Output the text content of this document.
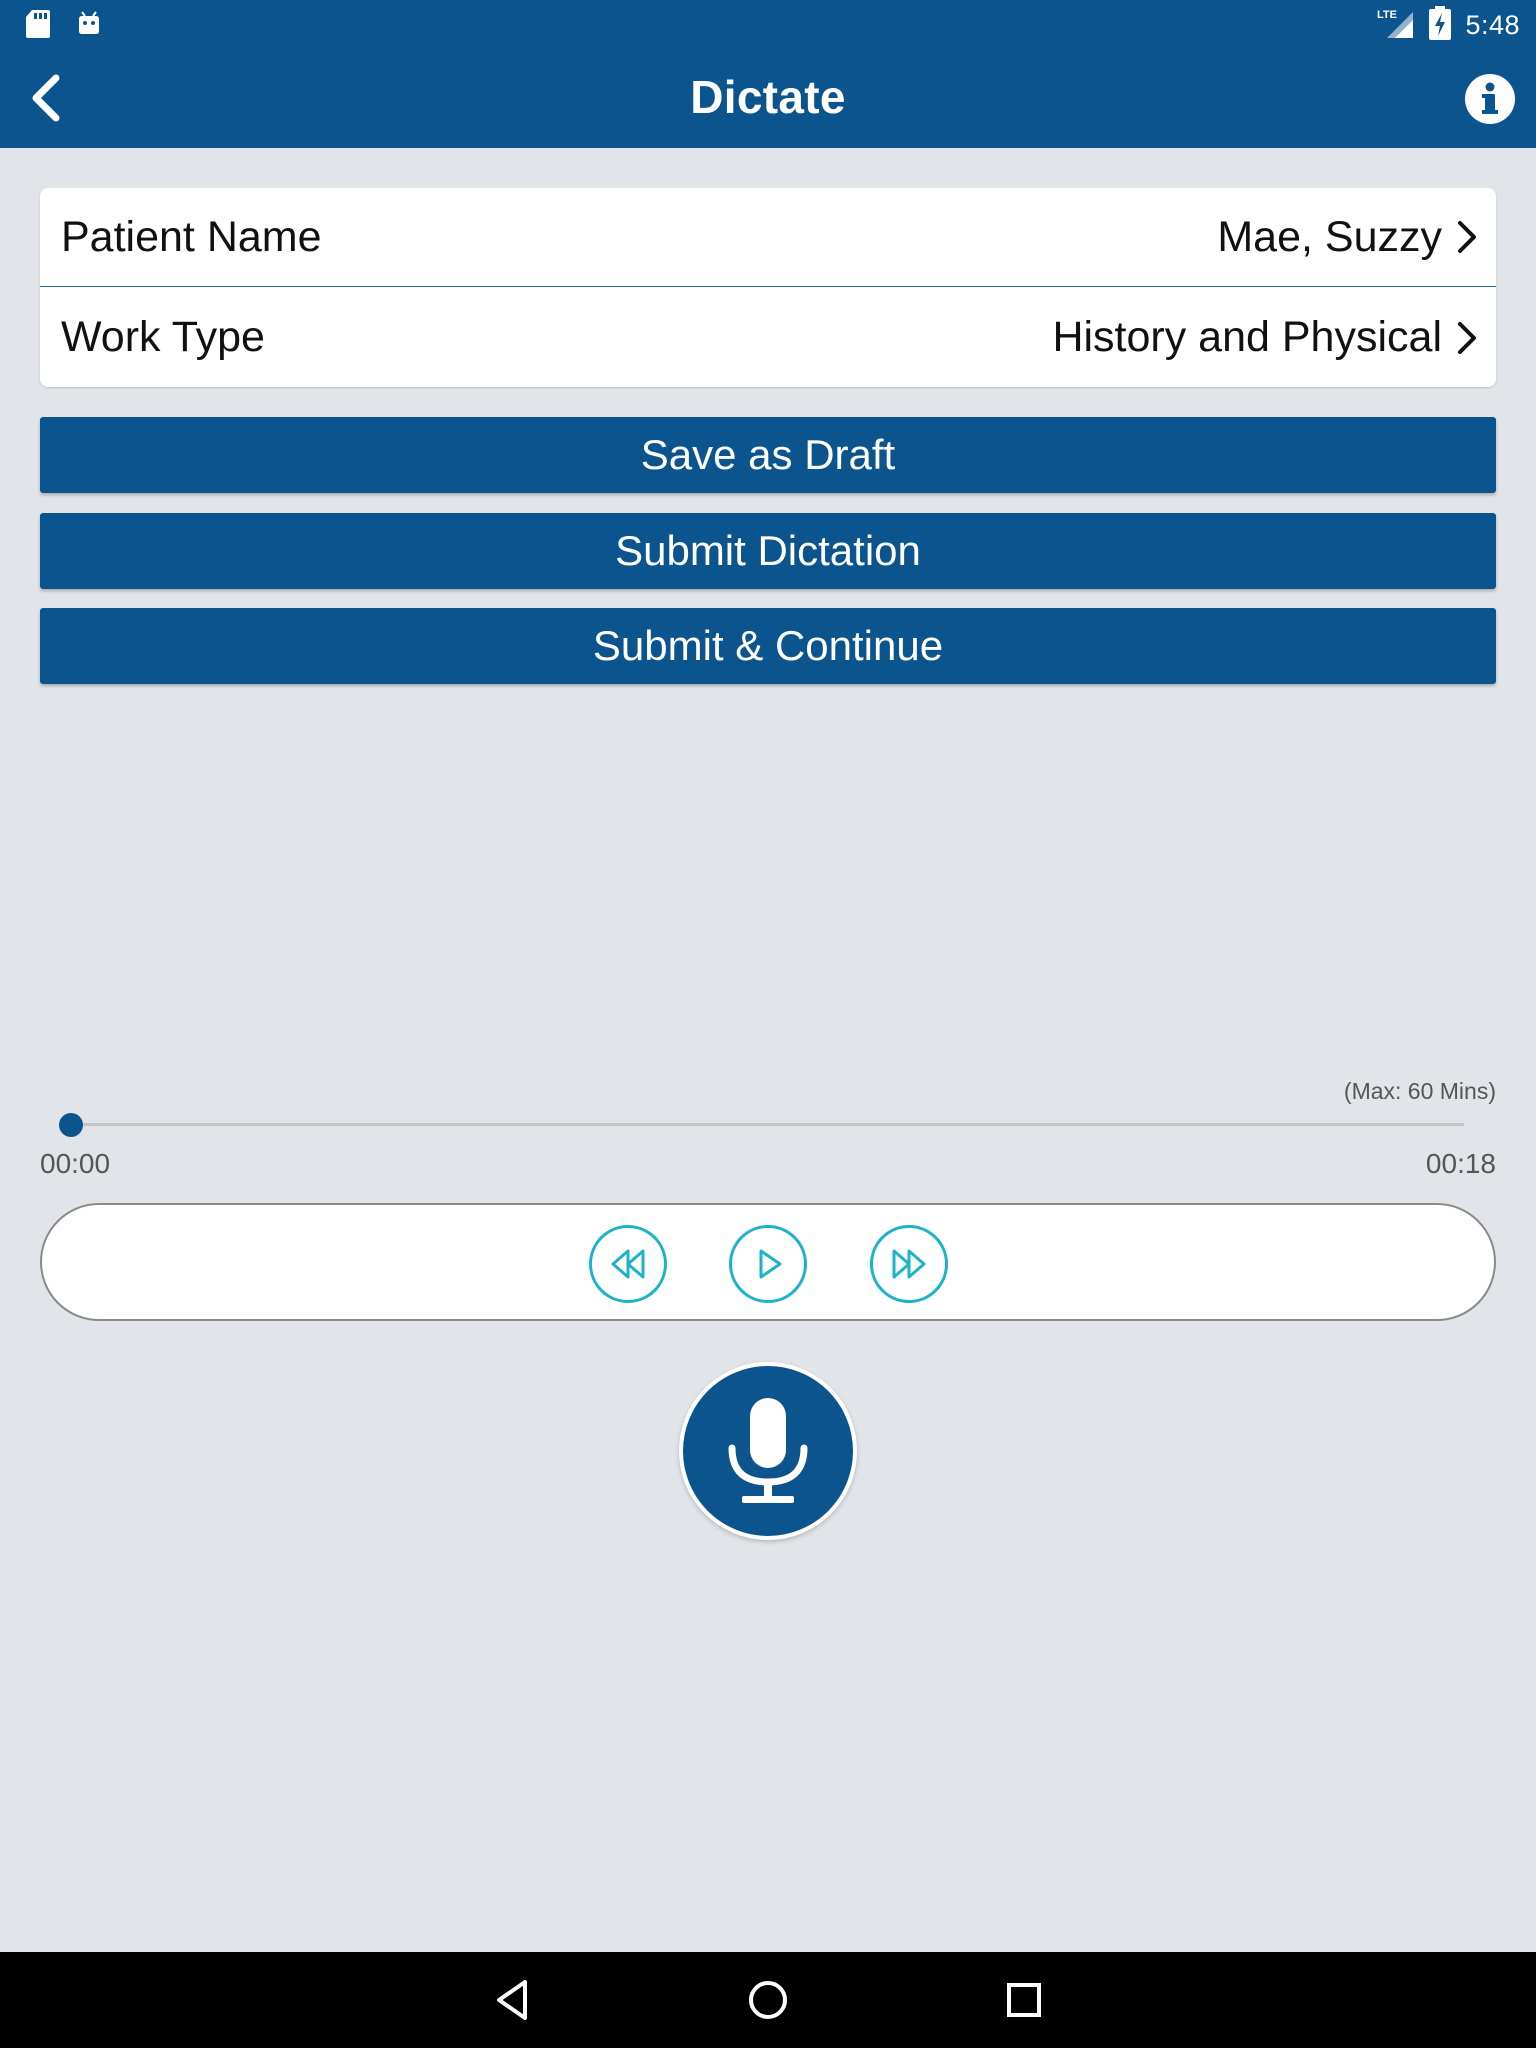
LTE	5:48
Dictate
Patient Name	Mae, Suzzy
Work Type	History and Physical
Save as Draft
Submit Dictation
Submit & Continue
(Max: 60 Mins)
00:00	00:18
